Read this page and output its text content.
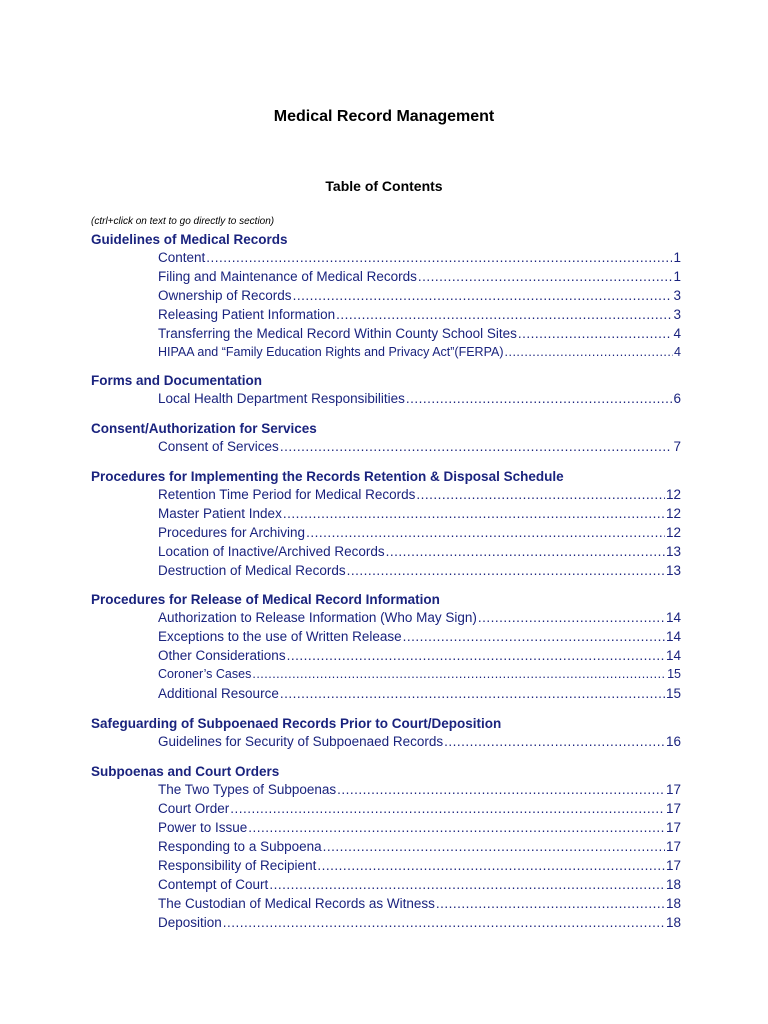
Medical Record Management
Table of Contents
(ctrl+click on text to go directly to section)
Guidelines of Medical Records
Content .....	1
Filing and Maintenance of Medical Records .....	1
Ownership of Records .....	3
Releasing Patient Information .....	3
Transferring the Medical Record Within County School Sites .....	4
HIPAA and “Family Education Rights and Privacy Act”(FERPA) .....	4
Forms and Documentation
Local Health Department Responsibilities .....	6
Consent/Authorization for Services
Consent of Services .....	7
Procedures for Implementing the Records Retention & Disposal Schedule
Retention Time Period for Medical Records .....	12
Master Patient Index .....	12
Procedures for Archiving .....	12
Location of Inactive/Archived Records .....	13
Destruction of Medical Records .....	13
Procedures for Release of Medical Record Information
Authorization to Release Information (Who May Sign) .....	14
Exceptions to the use of Written Release .....	14
Other Considerations .....	14
Coroner’s Cases .....	15
Additional Resource .....	15
Safeguarding of Subpoenaed Records Prior to Court/Deposition
Guidelines for Security of Subpoenaed Records .....	16
Subpoenas and Court Orders
The Two Types of Subpoenas .....	17
Court Order .....	17
Power to Issue .....	17
Responding to a Subpoena .....	17
Responsibility of Recipient .....	17
Contempt of Court .....	18
The Custodian of Medical Records as Witness .....	18
Deposition .....	18
